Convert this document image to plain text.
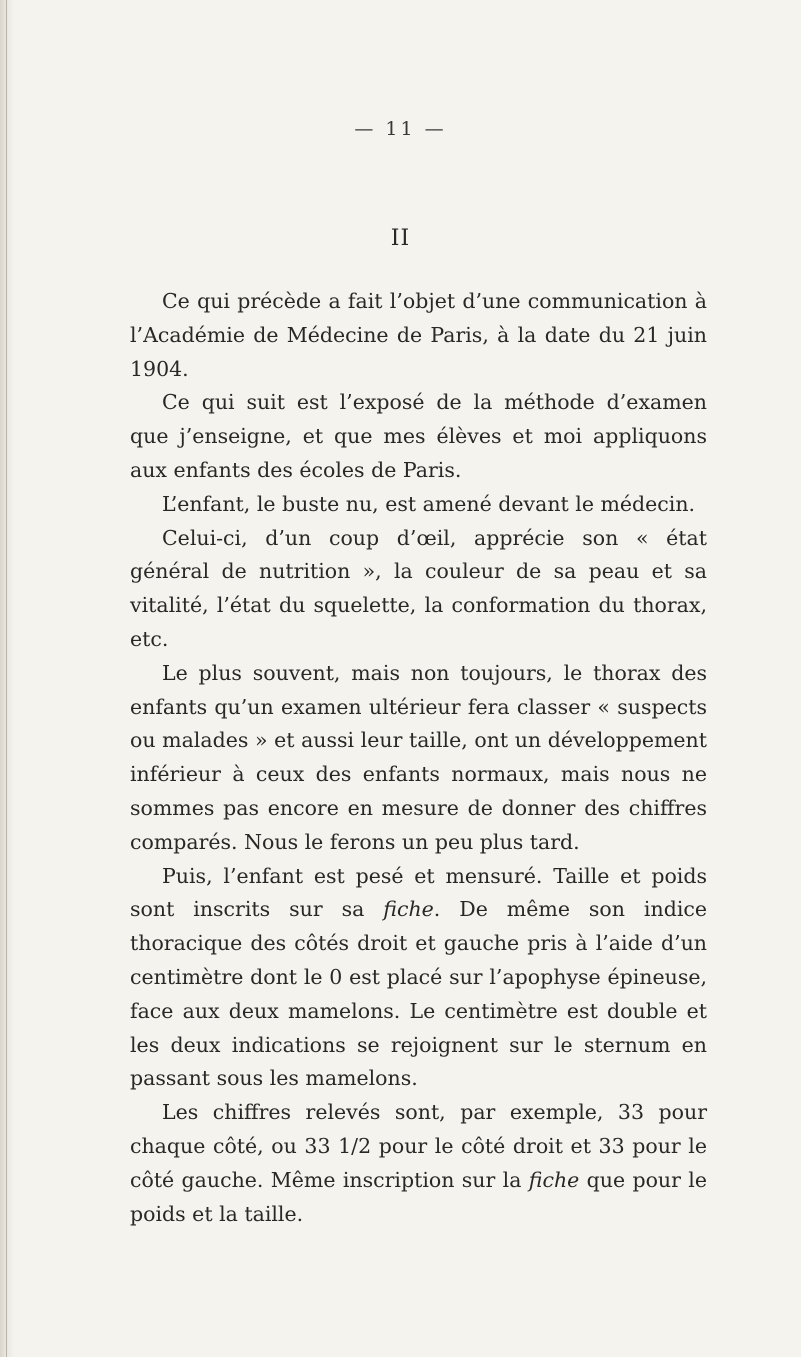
— 11 —
II

Ce qui précède a fait l’objet d’une communication à l’Académie de Médecine de Paris, à la date du 21 juin 1904.

Ce qui suit est l’exposé de la méthode d’examen que j’enseigne, et que mes élèves et moi appliquons aux enfants des écoles de Paris.

L’enfant, le buste nu, est amené devant le médecin.

Celui-ci, d’un coup d’œil, apprécie son « état général de nutrition », la couleur de sa peau et sa vitalité, l’état du squelette, la conformation du thorax, etc.

Le plus souvent, mais non toujours, le thorax des enfants qu’un examen ultérieur fera classer « suspects ou malades » et aussi leur taille, ont un développement inférieur à ceux des enfants normaux, mais nous ne sommes pas encore en mesure de donner des chiffres comparés. Nous le ferons un peu plus tard.

Puis, l’enfant est pesé et mensuré. Taille et poids sont inscrits sur sa fiche. De même son indice thoracique des côtés droit et gauche pris à l’aide d’un centimètre dont le 0 est placé sur l’apophyse épineuse, face aux deux mamelons. Le centimètre est double et les deux indications se rejoignent sur le sternum en passant sous les mamelons.

Les chiffres relevés sont, par exemple, 33 pour chaque côté, ou 33 1/2 pour le côté droit et 33 pour le côté gauche. Même inscription sur la fiche que pour le poids et la taille.
